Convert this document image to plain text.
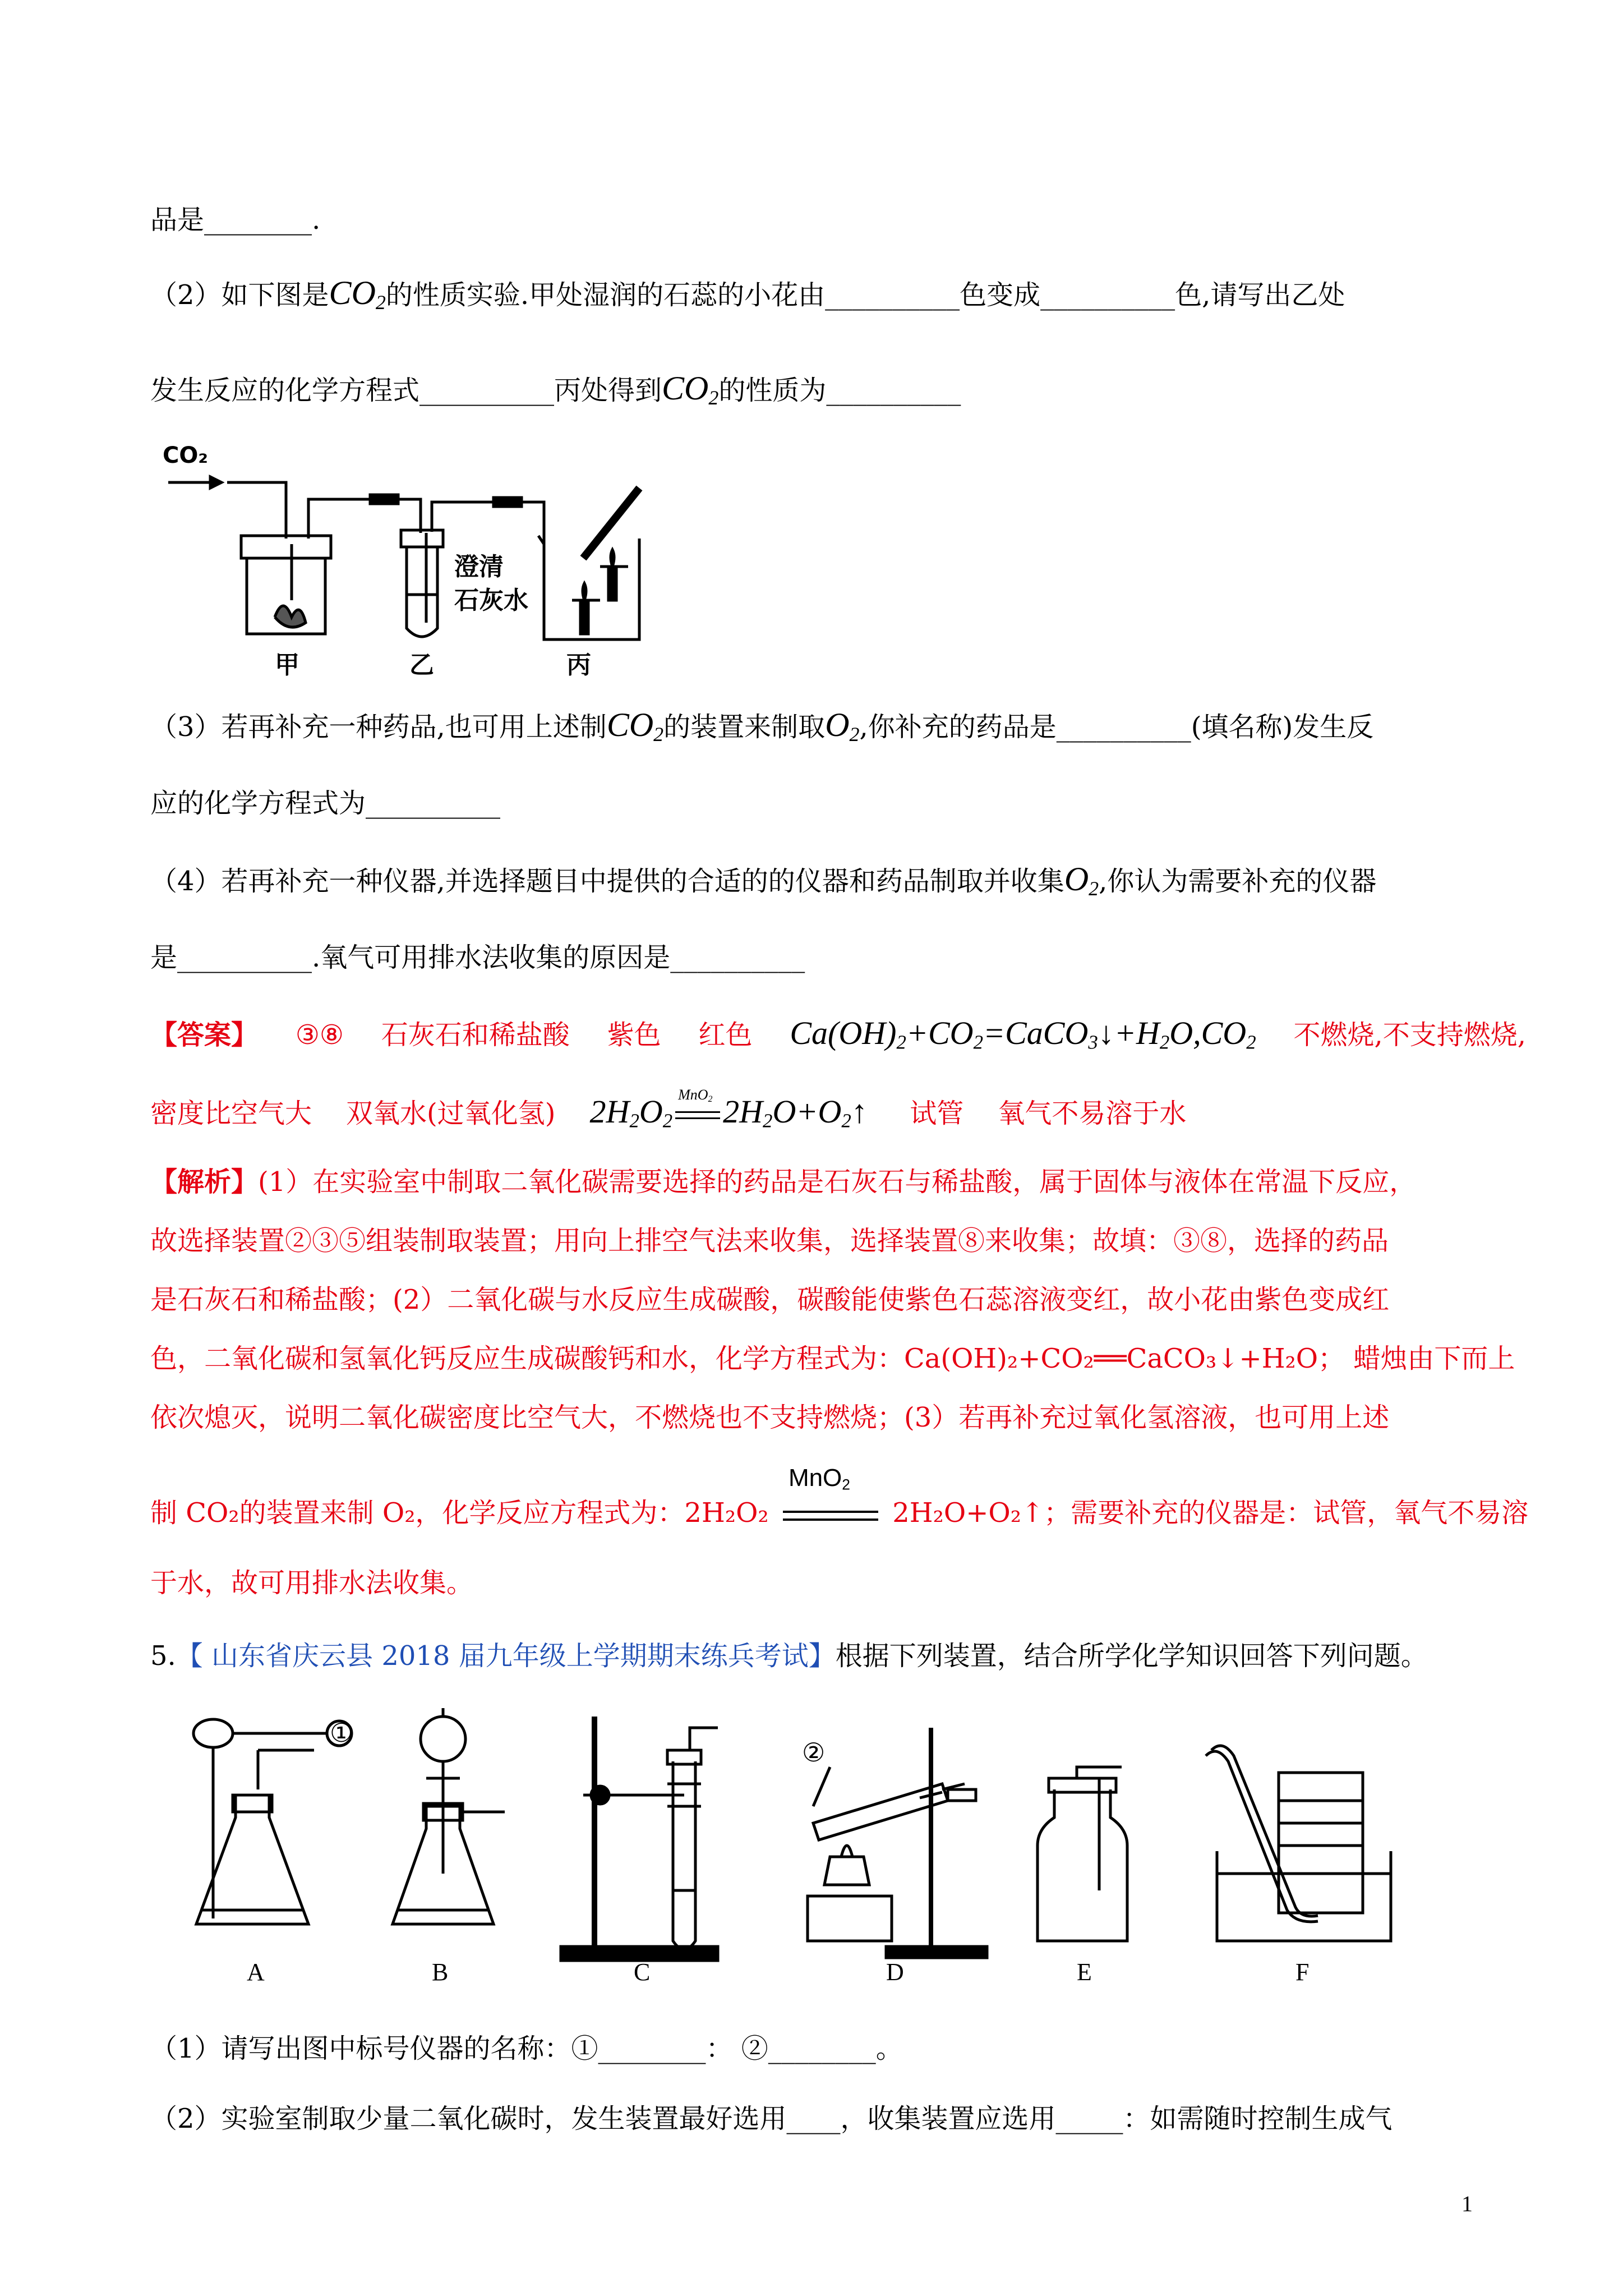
品是________.
（2）如下图是$CO_2$的性质实验.甲处湿润的石蕊的小花由__________色变成__________色,请写出乙处
发生反应的化学方程式__________丙处得到$CO_2$的性质为__________
CO₂
澄清
石灰水
甲	乙	丙
（3）若再补充一种药品,也可用上述制$CO_2$的装置来制取$O_2$,你补充的药品是__________(填名称)发生反
应的化学方程式为__________
（4）若再补充一种仪器,并选择题目中提供的合适的的仪器和药品制取并收集$O_2$,你认为需要补充的仪器
是__________.氧气可用排水法收集的原因是__________
【答案】 ③⑧ 石灰石和稀盐酸 紫色 红色 $Ca(OH)_2+CO_2=CaCO_3↓+H_2O,CO_2$ 不燃烧,不支持燃烧,
密度比空气大 双氧水(过氧化氢) $2H_2O_2$
MnO$_2$ $2H_2O+O_2↑$ 试管 氧气不易溶于水
【解析】(1）在实验室中制取二氧化碳需要选择的药品是石灰石与稀盐酸，属于固体与液体在常温下反应，
故选择装置②③⑤组装制取装置；用向上排空气法来收集，选择装置⑧来收集；故填：③⑧，选择的药品
是石灰石和稀盐酸；(2）二氧化碳与水反应生成碳酸，碳酸能使紫色石蕊溶液变红，故小花由紫色变成红
色，二氧化碳和氢氧化钙反应生成碳酸钙和水，化学方程式为：Ca(OH)₂+CO₂══CaCO₃↓+H₂O； 蜡烛由下而上
依次熄灭，说明二氧化碳密度比空气大，不燃烧也不支持燃烧；(3）若再补充过氧化氢溶液，也可用上述
制 CO₂的装置来制 O₂，化学反应方程式为：2H₂O₂
MnO$_2$
2H₂O+O₂↑；需要补充的仪器是：试管，氧气不易溶
于水，故可用排水法收集。
5.【 山东省庆云县 2018 届九年级上学期期末练兵考试】根据下列装置，结合所学化学知识回答下列问题。
A	B	C	D	E	F
①
②
（1）请写出图中标号仪器的名称：①________： ②________。
（2）实验室制取少量二氧化碳时，发生装置最好选用____，收集装置应选用_____：如需随时控制生成气
1
